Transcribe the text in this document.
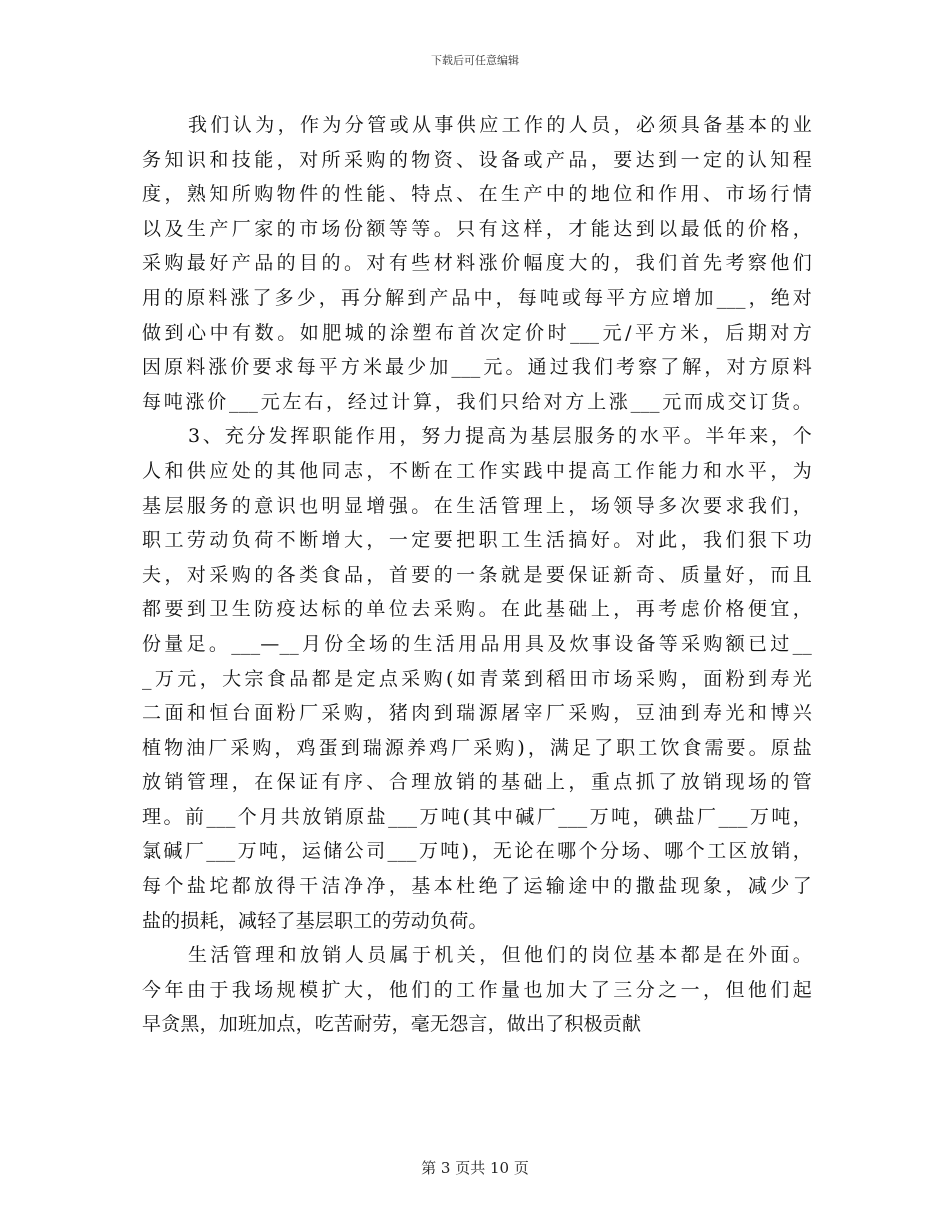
下载后可任意编辑
我们认为，作为分管或从事供应工作的人员，必须具备基本的业
务知识和技能，对所采购的物资、设备或产品，要达到一定的认知程
度，熟知所购物件的性能、特点、在生产中的地位和作用、市场行情
以及生产厂家的市场份额等等。只有这样，才能达到以最低的价格，
采购最好产品的目的。对有些材料涨价幅度大的，我们首先考察他们
用的原料涨了多少，再分解到产品中，每吨或每平方应增加___，绝对
做到心中有数。如肥城的涂塑布首次定价时___元/平方米，后期对方
因原料涨价要求每平方米最少加___元。通过我们考察了解，对方原料
每吨涨价___元左右，经过计算，我们只给对方上涨___元而成交订货。
3、充分发挥职能作用，努力提高为基层服务的水平。半年来，个
人和供应处的其他同志，不断在工作实践中提高工作能力和水平，为
基层服务的意识也明显增强。在生活管理上，场领导多次要求我们，
职工劳动负荷不断增大，一定要把职工生活搞好。对此，我们狠下功
夫，对采购的各类食品，首要的一条就是要保证新奇、质量好，而且
都要到卫生防疫达标的单位去采购。在此基础上，再考虑价格便宜，
份量足。___—__月份全场的生活用品用具及炊事设备等采购额已过__
_万元，大宗食品都是定点采购(如青菜到稻田市场采购，面粉到寿光
二面和恒台面粉厂采购，猪肉到瑞源屠宰厂采购，豆油到寿光和博兴
植物油厂采购，鸡蛋到瑞源养鸡厂采购)，满足了职工饮食需要。原盐
放销管理，在保证有序、合理放销的基础上，重点抓了放销现场的管
理。前___个月共放销原盐___万吨(其中碱厂___万吨，碘盐厂___万吨，
氯碱厂___万吨，运储公司___万吨)，无论在哪个分场、哪个工区放销，
每个盐坨都放得干洁净净，基本杜绝了运输途中的撒盐现象，减少了
盐的损耗，减轻了基层职工的劳动负荷。
生活管理和放销人员属于机关，但他们的岗位基本都是在外面。
今年由于我场规模扩大，他们的工作量也加大了三分之一，但他们起
早贪黑，加班加点，吃苦耐劳，毫无怨言，做出了积极贡献
第 3 页共 10 页
